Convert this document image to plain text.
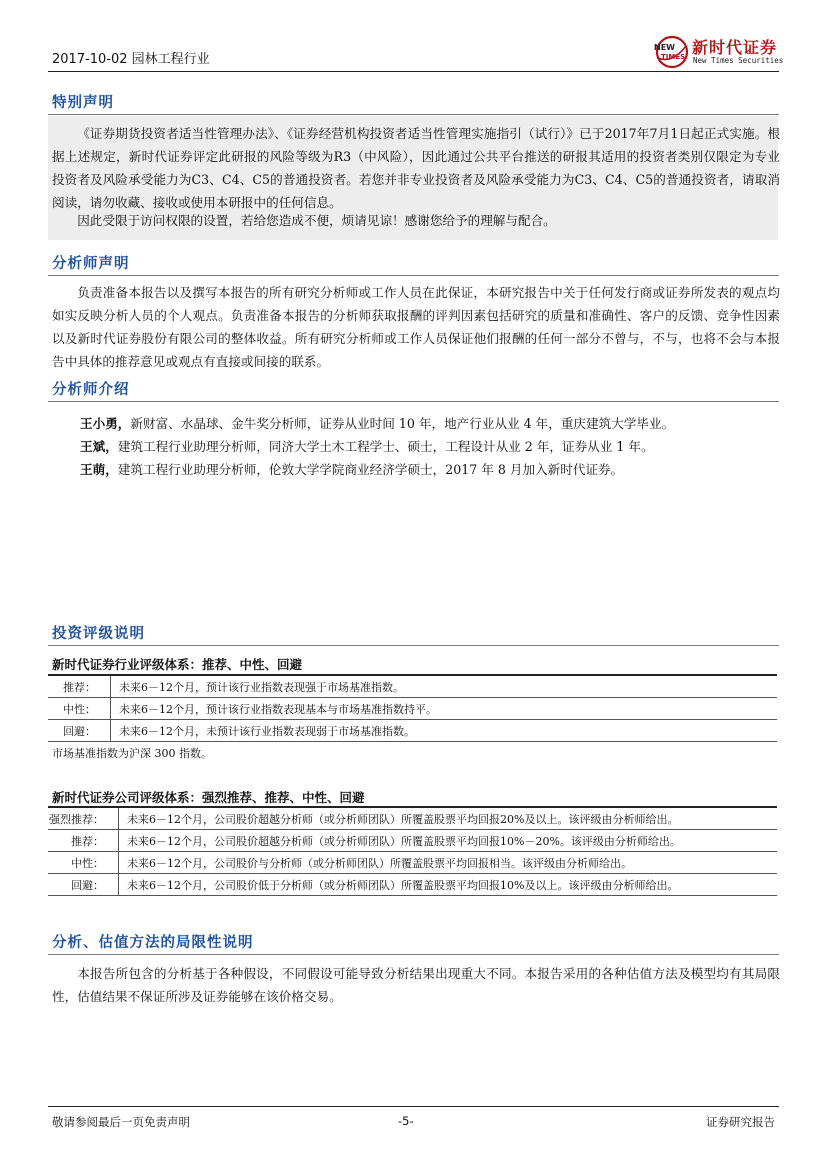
2017-10-02 园林工程行业
NEW
TIMES 新时代证券
New Times Securities
特别声明
《证券期货投资者适当性管理办法》、《证券经营机构投资者适当性管理实施指引（试行）》已于2017年7月1日起正式实施。根据上述规定，新时代证券评定此研报的风险等级为R3（中风险），因此通过公共平台推送的研报其适用的投资者类别仅限定为专业投资者及风险承受能力为C3、C4、C5的普通投资者。若您并非专业投资者及风险承受能力为C3、C4、C5的普通投资者，请取消阅读，请勿收藏、接收或使用本研报中的任何信息。
因此受限于访问权限的设置，若给您造成不便，烦请见谅！感谢您给予的理解与配合。
分析师声明
负责准备本报告以及撰写本报告的所有研究分析师或工作人员在此保证，本研究报告中关于任何发行商或证券所发表的观点均如实反映分析人员的个人观点。负责准备本报告的分析师获取报酬的评判因素包括研究的质量和准确性、客户的反馈、竞争性因素以及新时代证券股份有限公司的整体收益。所有研究分析师或工作人员保证他们报酬的任何一部分不曾与，不与，也将不会与本报告中具体的推荐意见或观点有直接或间接的联系。
分析师介绍
王小勇，新财富、水晶球、金牛奖分析师，证券从业时间 10 年，地产行业从业 4 年，重庆建筑大学毕业。
王斌，建筑工程行业助理分析师，同济大学土木工程学士、硕士，工程设计从业 2 年，证券从业 1 年。
王萌，建筑工程行业助理分析师，伦敦大学学院商业经济学硕士，2017 年 8 月加入新时代证券。
投资评级说明
新时代证券行业评级体系：推荐、中性、回避
推荐：	未来6－12个月，预计该行业指数表现强于市场基准指数。
中性：	未来6－12个月，预计该行业指数表现基本与市场基准指数持平。
回避：	未来6－12个月，未预计该行业指数表现弱于市场基准指数。
市场基准指数为沪深 300 指数。
新时代证券公司评级体系：强烈推荐、推荐、中性、回避
强烈推荐：	未来6－12个月，公司股价超越分析师（或分析师团队）所覆盖股票平均回报20%及以上。该评级由分析师给出。
推荐：	未来6－12个月，公司股价超越分析师（或分析师团队）所覆盖股票平均回报10%－20%。该评级由分析师给出。
中性：	未来6－12个月，公司股价与分析师（或分析师团队）所覆盖股票平均回报相当。该评级由分析师给出。
回避：	未来6－12个月，公司股价低于分析师（或分析师团队）所覆盖股票平均回报10%及以上。该评级由分析师给出。
分析、估值方法的局限性说明
本报告所包含的分析基于各种假设，不同假设可能导致分析结果出现重大不同。本报告采用的各种估值方法及模型均有其局限性，估值结果不保证所涉及证券能够在该价格交易。
敬请参阅最后一页免责声明	-5-	证券研究报告
